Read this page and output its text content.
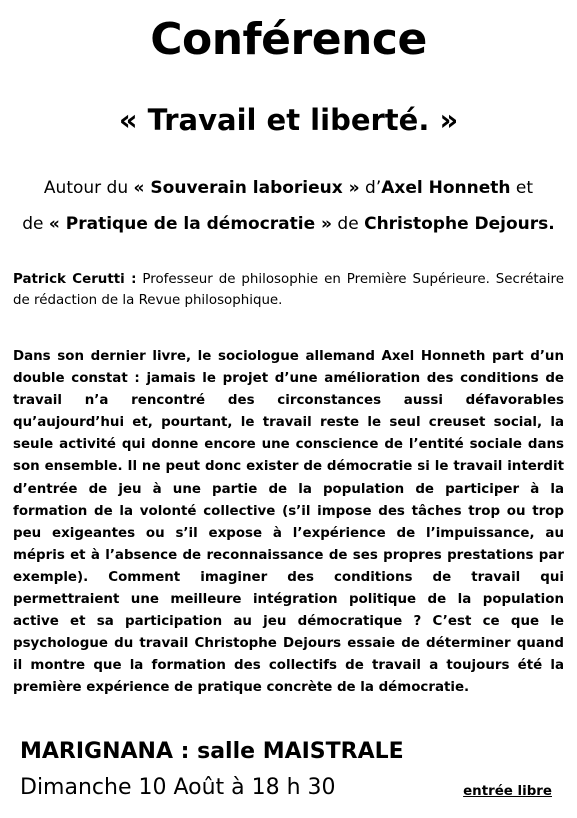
Conférence
« Travail et liberté. »
Autour du « Souverain laborieux » d’Axel Honneth et
de « Pratique de la démocratie » de Christophe Dejours.
Patrick Cerutti : Professeur de philosophie en Première Supérieure. Secrétaire de rédaction de la Revue philosophique.
Dans son dernier livre, le sociologue allemand Axel Honneth part d’un double constat : jamais le projet d’une amélioration des conditions de travail n’a rencontré des circonstances aussi défavorables qu’aujourd’hui et, pourtant, le travail reste le seul creuset social, la seule activité qui donne encore une conscience de l’entité sociale dans son ensemble. Il ne peut donc exister de démocratie si le travail interdit d’entrée de jeu à une partie de la population de participer à la formation de la volonté collective (s’il impose des tâches trop ou trop peu exigeantes ou s’il expose à l’expérience de l’impuissance, au mépris et à l’absence de reconnaissance de ses propres prestations par exemple). Comment imaginer des conditions de travail qui permettraient une meilleure intégration politique de la population active et sa participation au jeu démocratique ? C’est ce que le psychologue du travail Christophe Dejours essaie de déterminer quand il montre que la formation des collectifs de travail a toujours été la première expérience de pratique concrète de la démocratie.
MARIGNANA : salle MAISTRALE
Dimanche 10 Août à 18 h 30	entrée libre
